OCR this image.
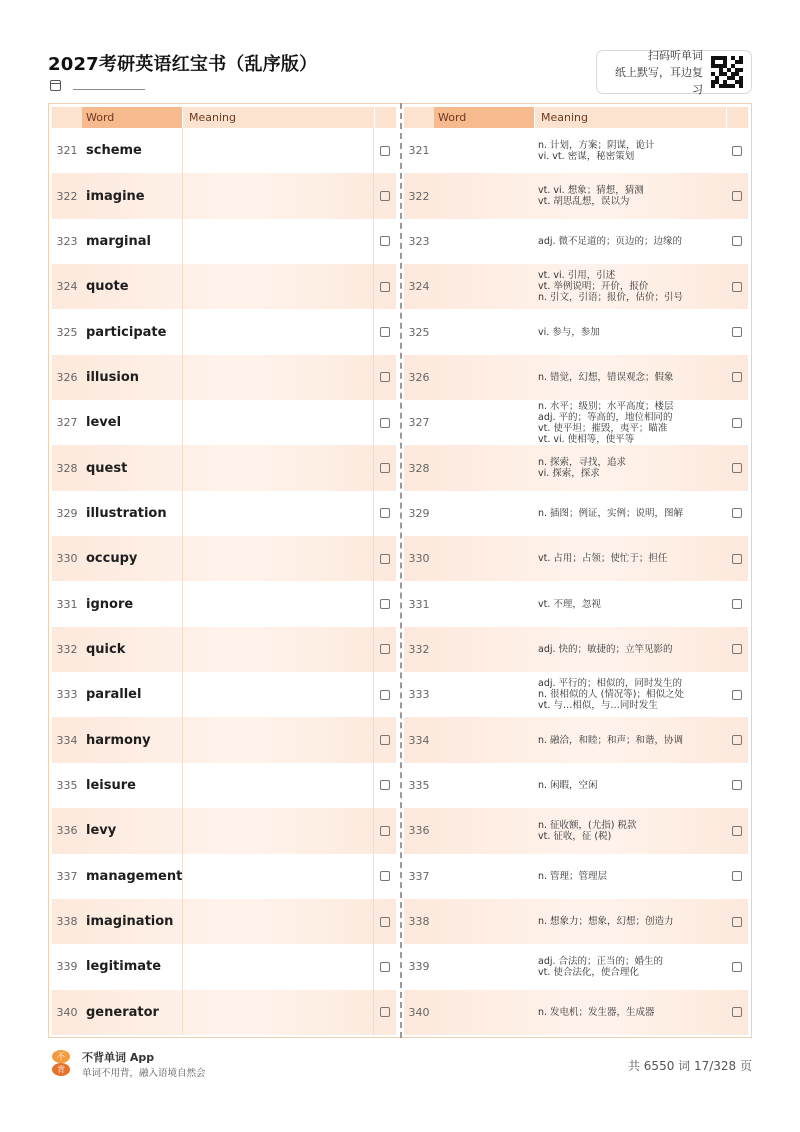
2027考研英语红宝书（乱序版）	扫码听单词
纸上默写，耳边复习
Word	Meaning
321 scheme
322 imagine
323 marginal
324 quote
325 participate
326 illusion
327 level
328 quest
329 illustration
330 occupy
331 ignore
332 quick
333 parallel
334 harmony
335 leisure
336 levy
337 management
338 imagination
339 legitimate
340 generator
Word	Meaning
321	n. 计划，方案；阴谋，诡计
vi. vt. 密谋，秘密策划
322	vt. vi. 想象；猜想，猜测
vt. 胡思乱想，误以为
323	adj. 微不足道的；页边的；边缘的
324
vt. vi. 引用，引述
vt. 举例说明；开价，报价
n. 引文，引语；报价，估价；引号
325	vi. 参与，参加
326	n. 错觉，幻想，错误观念；假象
327
n. 水平；级别；水平高度；楼层
adj. 平的；等高的，地位相同的
vt. 使平坦；摧毁，夷平；瞄准
vt. vi. 使相等，使平等
328	n. 探索，寻找，追求
vi. 探索，探求
329	n. 插图；例证，实例；说明，图解
330	vt. 占用；占领；使忙于；担任
331	vt. 不理，忽视
332	adj. 快的；敏捷的；立竿见影的
333
adj. 平行的；相似的，同时发生的
n. 很相似的人 (情况等)；相似之处
vt. 与…相似，与…同时发生
334	n. 融洽，和睦；和声；和谐，协调
335	n. 闲暇，空闲
336	n. 征收额，(尤指) 税款
vt. 征收，征 (税)
337	n. 管理；管理层
338	n. 想象力；想象，幻想；创造力
339	adj. 合法的；正当的；婚生的
vt. 使合法化，使合理化
340	n. 发电机；发生器，生成器
不
背
不背单词 App
单词不用背，融入语境自然会
共 6550 词 17/328 页
